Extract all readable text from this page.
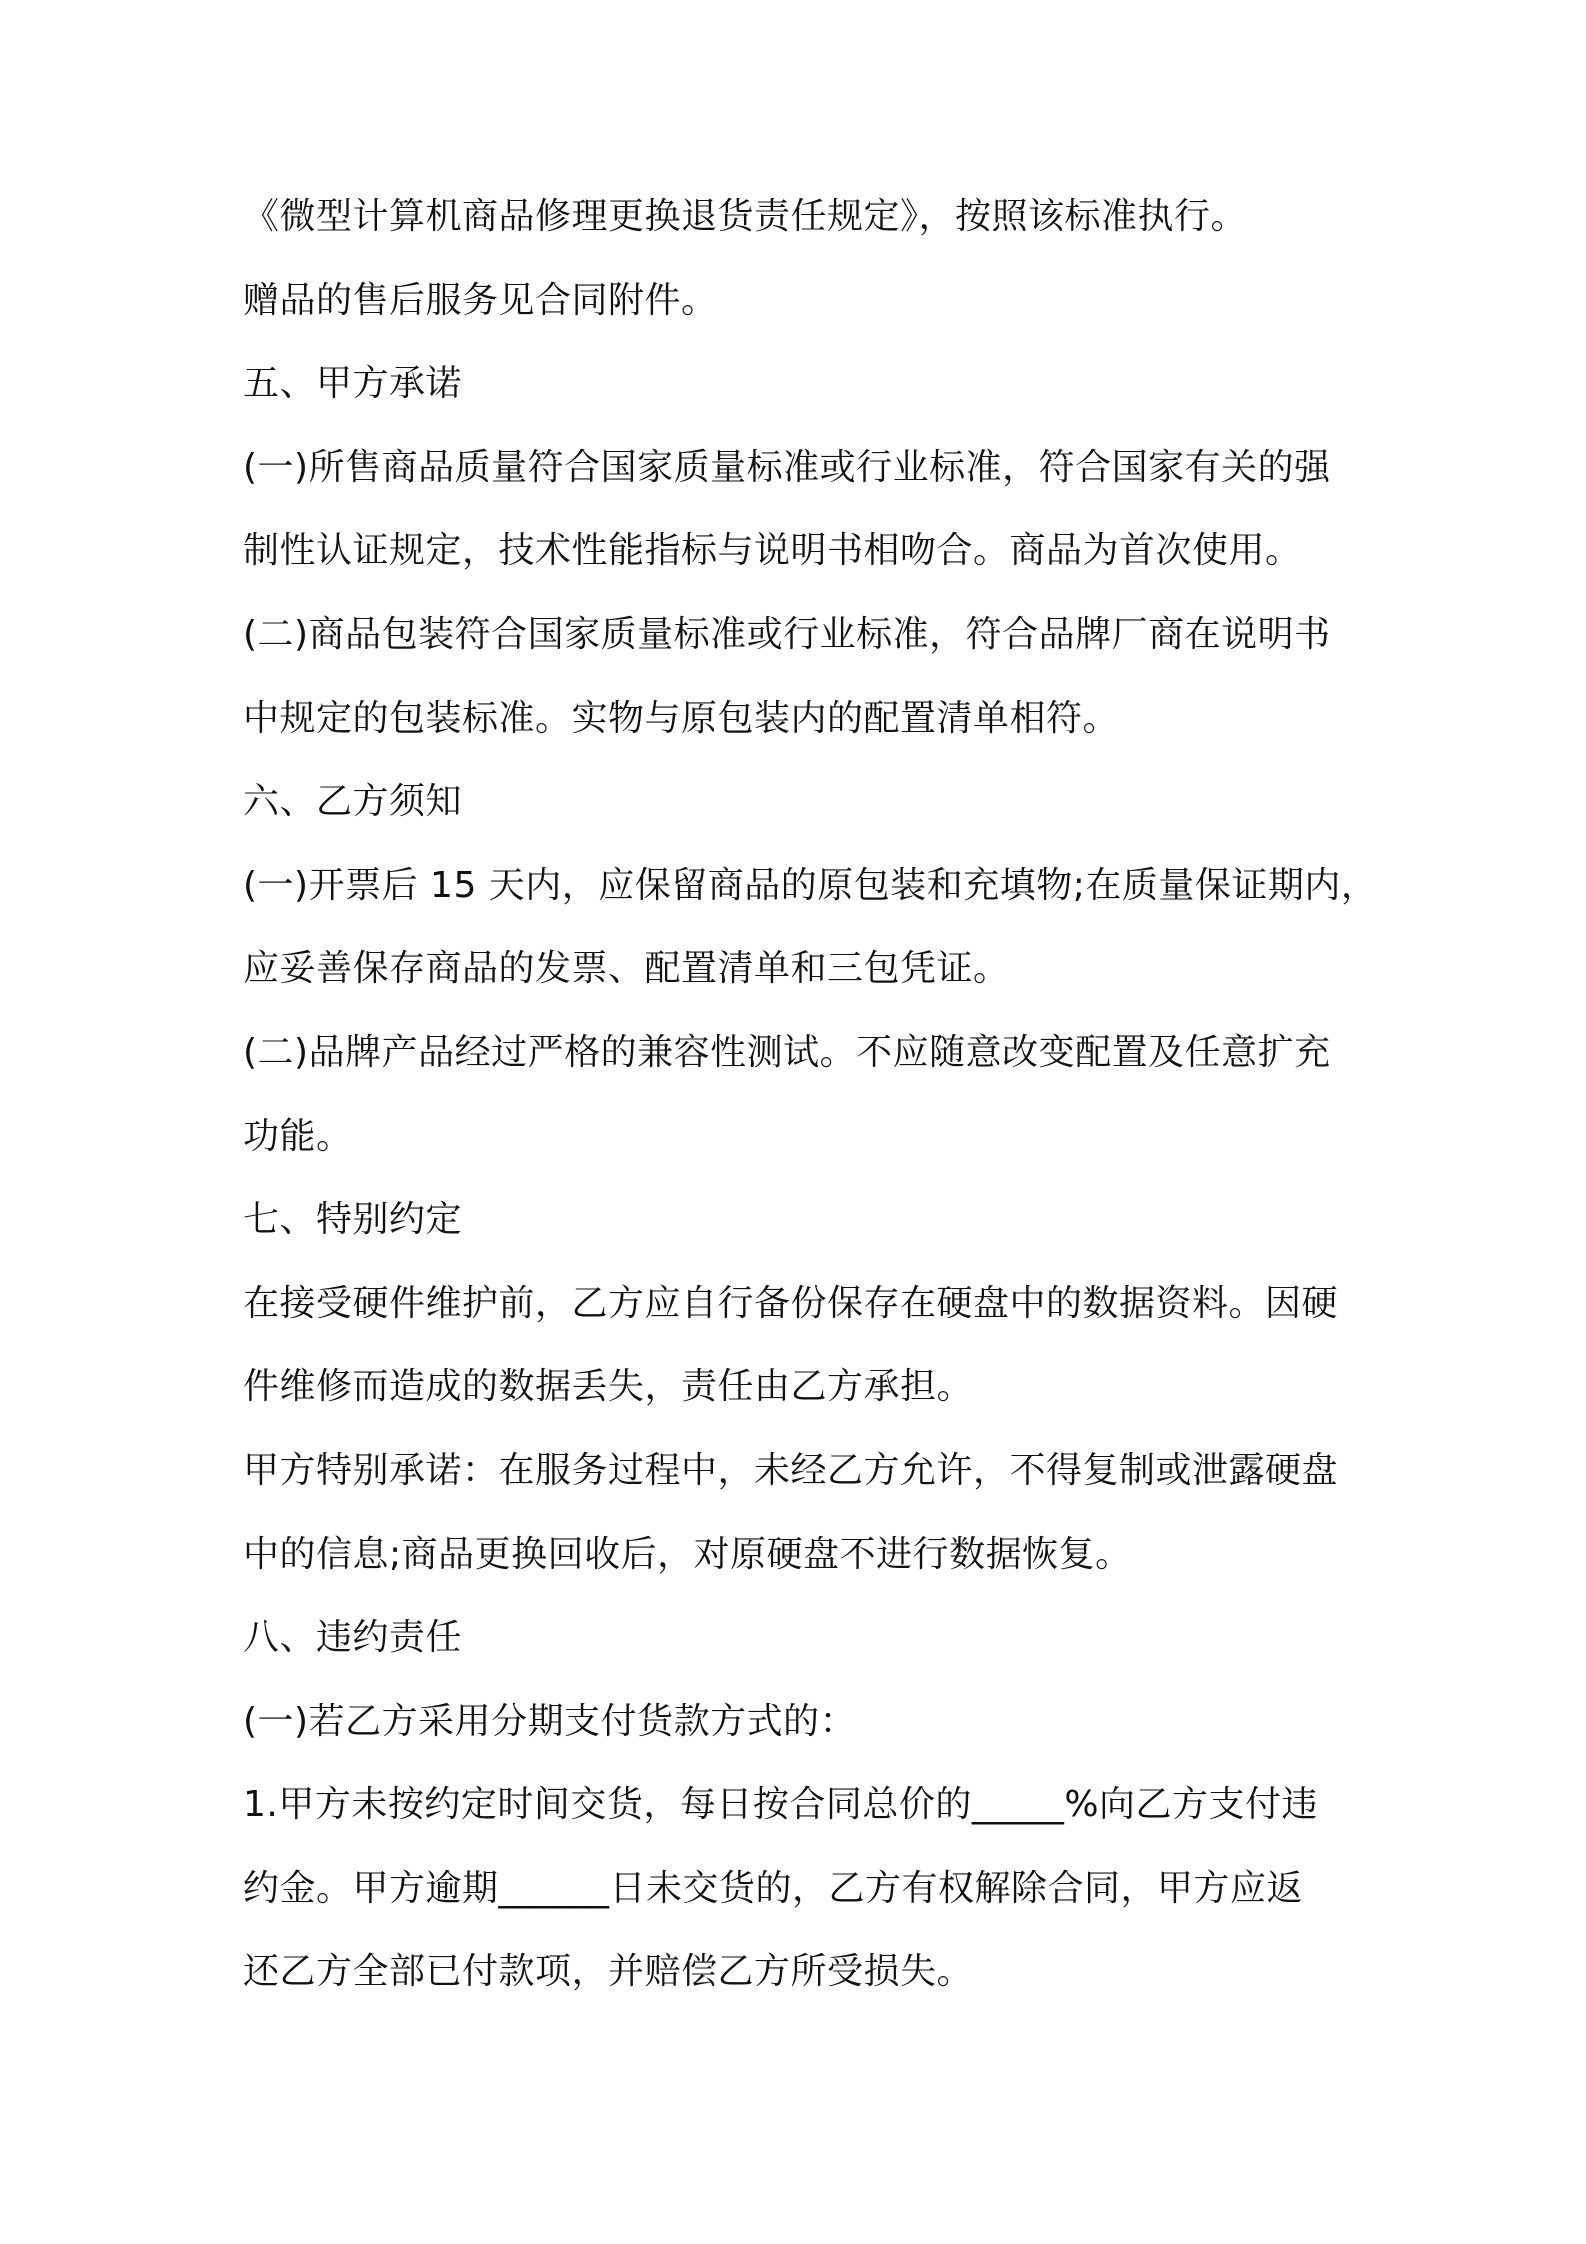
《微型计算机商品修理更换退货责任规定》，按照该标准执行。
赠品的售后服务见合同附件。
五、甲方承诺
(一)所售商品质量符合国家质量标准或行业标准，符合国家有关的强
制性认证规定，技术性能指标与说明书相吻合。商品为首次使用。
(二)商品包装符合国家质量标准或行业标准，符合品牌厂商在说明书
中规定的包装标准。实物与原包装内的配置清单相符。
六、乙方须知
(一)开票后 15 天内，应保留商品的原包装和充填物;在质量保证期内，
应妥善保存商品的发票、配置清单和三包凭证。
(二)品牌产品经过严格的兼容性测试。不应随意改变配置及任意扩充
功能。
七、特别约定
在接受硬件维护前，乙方应自行备份保存在硬盘中的数据资料。因硬
件维修而造成的数据丢失，责任由乙方承担。
甲方特别承诺：在服务过程中，未经乙方允许，不得复制或泄露硬盘
中的信息;商品更换回收后，对原硬盘不进行数据恢复。
八、违约责任
(一)若乙方采用分期支付货款方式的：
1.甲方未按约定时间交货，每日按合同总价的_____%向乙方支付违
约金。甲方逾期______日未交货的，乙方有权解除合同，甲方应返
还乙方全部已付款项，并赔偿乙方所受损失。
